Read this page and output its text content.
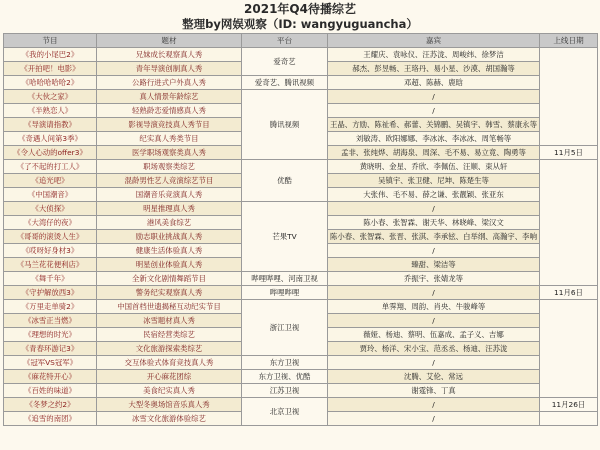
2021年Q4待播综艺
整理by网娱观察（ID: wangyuguancha）
节目	题材	平台	嘉宾	上线日期
《我的小尾巴2》	兄妹成长观察真人秀	爱奇艺	王耀庆、袁咏仪、汪苏泷、周峻纬、徐梦洁	
《开拍吧！电影》	青年导演创制真人秀		郝杰、彭昱畅、王珞丹、易小星、沙漠、胡国瀚等	
《哈哈哈哈哈2》	公路行进式户外真人秀	爱奇艺、腾讯视频	邓超、陈赫、鹿晗	
《大伙之家》	真人情景年龄综艺	腾讯视频	/	
《半熟恋人》	轻熟龄恋爱情感真人秀		/	
《导演请指教》	影视导演竞技真人秀节目		王晶、方励、陈祉希、郝蕾、关锦鹏、吴镇宇、韩雪、蔡康永等	
《奇遇人间第3季》	纪实真人秀类节目		刘敏涛、欧阳娜娜、李冰冰、李冰冰、周笔畅等	
《令人心动的offer3》	医学职场观察类真人秀		孟非、张纯烨、胡海泉、周深、毛不易、易立竟、陶勇等	11月5日
《了不起的打工人》	职场观察类综艺	优酷	黄晓明、金星、乔欣、李佩伍、汪顺、束从轩	
《追光吧》	混龄男性艺人竞演综艺节目		吴镇宇、张卫健、尼坤、陈楚生等	
《中国潮音》	国潮音乐竞演真人秀		大张伟、毛不易、薛之谦、张靓颖、张亚东	
《大侦探》	明星推理真人秀	芒果TV	/	
《大湾仔的夜》	港风美食综艺		陈小春、张智霖、谢天华、林晓峰、梁汉文	
《哥哥的滚烫人生》	励志职业挑战真人秀		陈小春、张智霖、张晋、张淇、李承铉、白举纲、高瀚宇、李响	
《哎呀好身材3》	健康生活体验真人秀		/	
《马兰花花便利店》	明星创业体验真人秀		臻甜、梁洁等	
《舞千年》	全新文化剧情舞蹈节目	哔哩哔哩、河南卫视	乔振宇、张婧龙等	
《守护解放西3》	警务纪实观察真人秀	哔哩哔哩	/	11月6日
《万里走单骑2》	中国首档世遗揭秘互动纪实节目	浙江卫视	单霁翔、周韵、肖央、牛骏峰等	
《冰雪正当燃》	冰雪题材真人秀		/	
《理想的时光》	民宿经营类综艺		薇娅、杨迪、蔡明、伍嘉成、孟子义、吉娜	
《青春环游记3》	文化旅游探索类综艺		贾玲、杨洋、宋小宝、范丞丞、杨迪、汪苏泷	
《冠军VS冠军》	交互体验式体育竞技真人秀	东方卫视	/	
《麻花特开心》	开心麻花团综	东方卫视、优酷	沈腾、艾伦、常远	
《百姓的味道》	美食纪实真人秀	江苏卫视	谢霆锋、丁真	
《冬梦之约2》	大型冬奥场馆音乐真人秀	北京卫视	/	11月26日
《追雪的南团》	冰雪文化旅游体验综艺		/	
